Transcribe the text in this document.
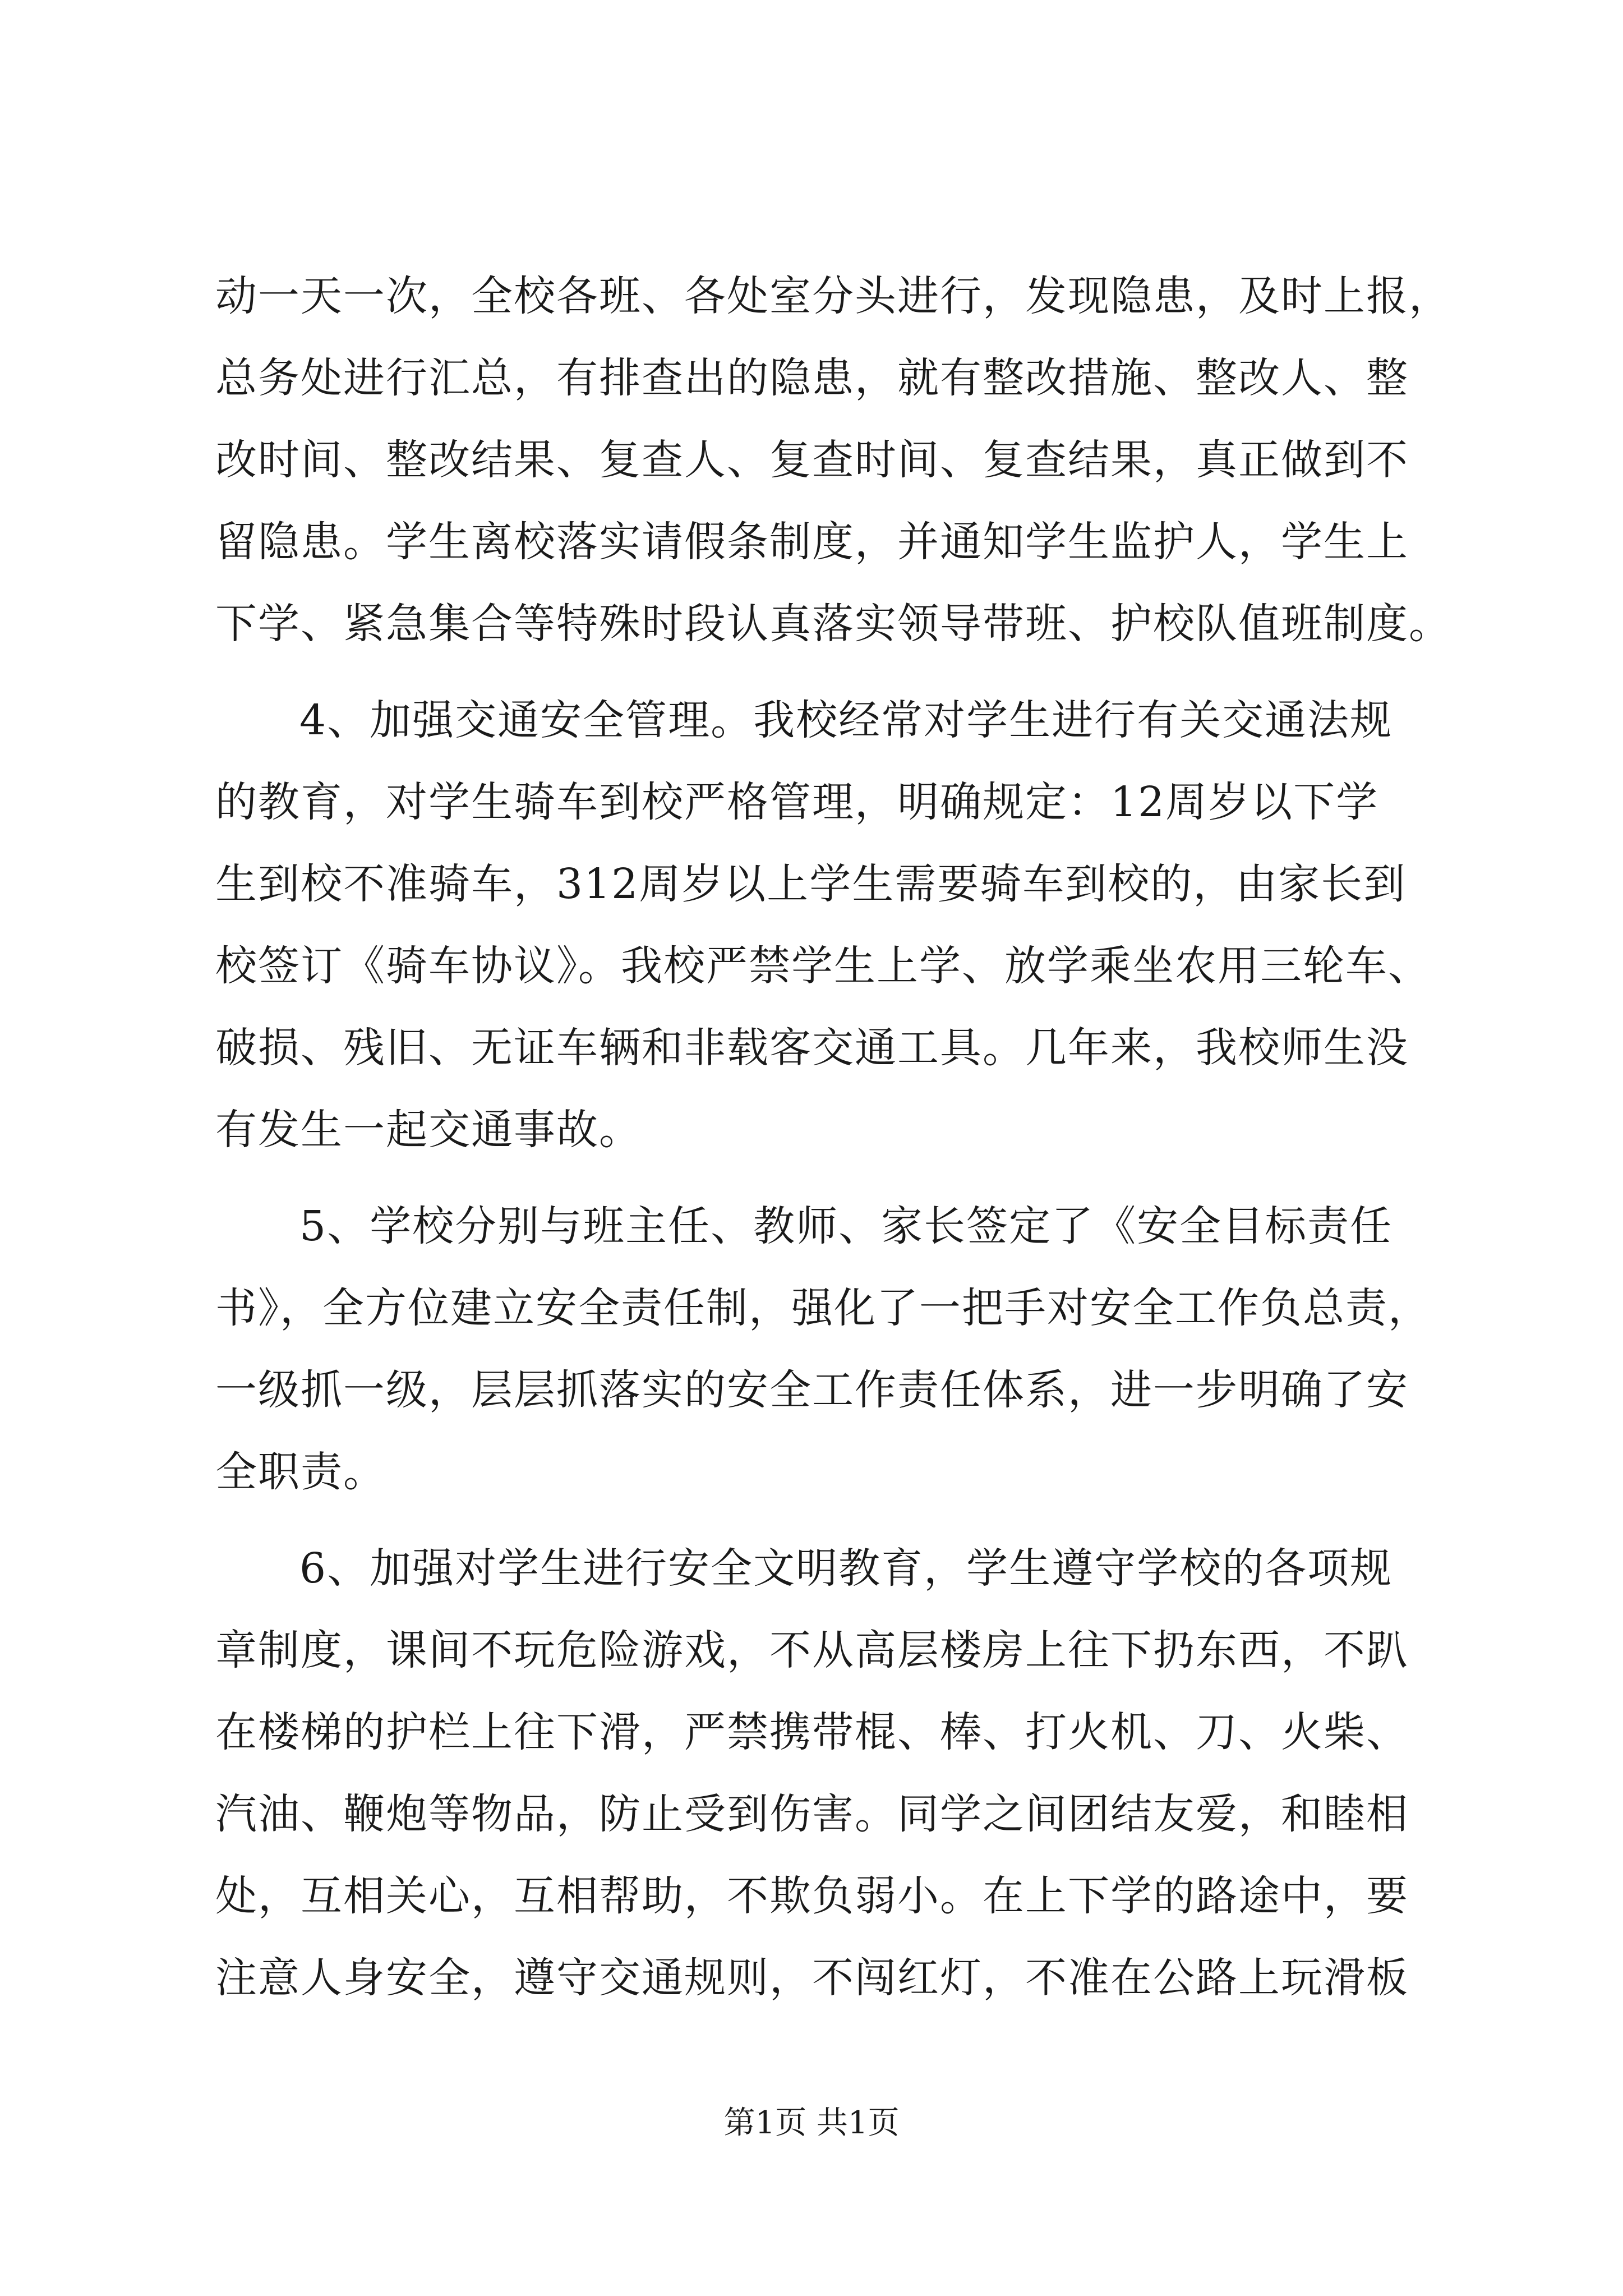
动一天一次，全校各班、各处室分头进行，发现隐患，及时上报，
总务处进行汇总，有排查出的隐患，就有整改措施、整改人、整
改时间、整改结果、复查人、复查时间、复查结果，真正做到不
留隐患。学生离校落实请假条制度，并通知学生监护人，学生上
下学、紧急集合等特殊时段认真落实领导带班、护校队值班制度。
4、加强交通安全管理。我校经常对学生进行有关交通法规
的教育，对学生骑车到校严格管理，明确规定：12周岁以下学
生到校不准骑车，312周岁以上学生需要骑车到校的，由家长到
校签订《骑车协议》。我校严禁学生上学、放学乘坐农用三轮车、
破损、残旧、无证车辆和非载客交通工具。几年来，我校师生没
有发生一起交通事故。
5、学校分别与班主任、教师、家长签定了《安全目标责任
书》，全方位建立安全责任制，强化了一把手对安全工作负总责，
一级抓一级，层层抓落实的安全工作责任体系，进一步明确了安
全职责。
6、加强对学生进行安全文明教育，学生遵守学校的各项规
章制度，课间不玩危险游戏，不从高层楼房上往下扔东西，不趴
在楼梯的护栏上往下滑，严禁携带棍、棒、打火机、刀、火柴、
汽油、鞭炮等物品，防止受到伤害。同学之间团结友爱，和睦相
处，互相关心，互相帮助，不欺负弱小。在上下学的路途中，要
注意人身安全，遵守交通规则，不闯红灯，不准在公路上玩滑板
第1页 共1页
